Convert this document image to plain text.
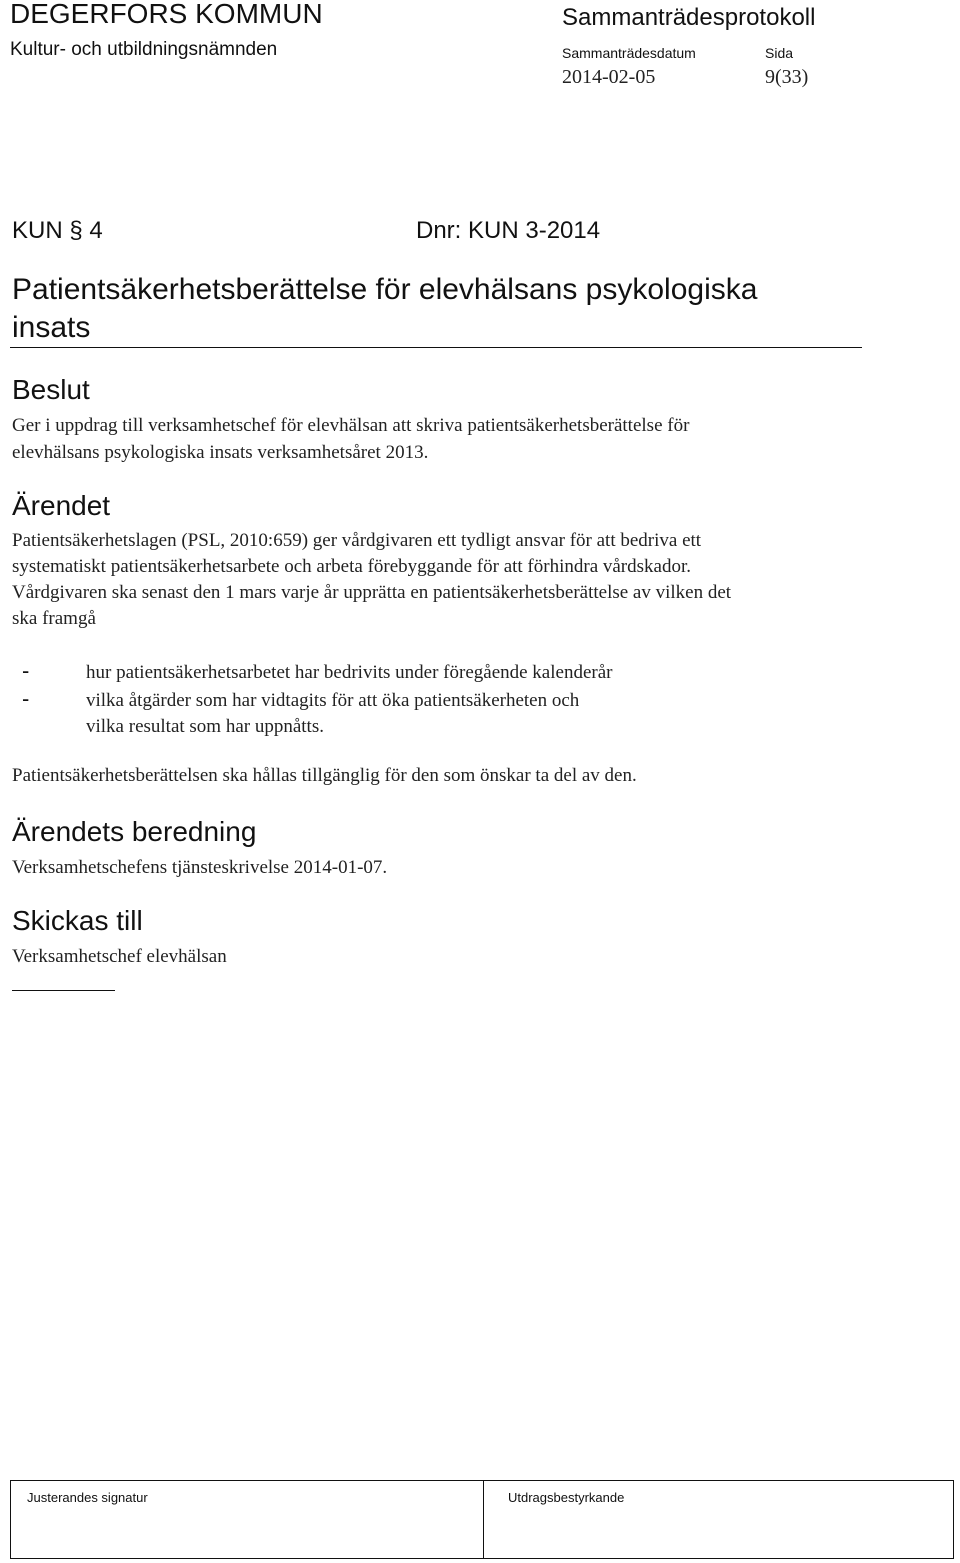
DEGERFORS KOMMUN
Kultur- och utbildningsnämnden
Sammanträdesprotokoll
Sammanträdesdatum	Sida
2014-02-05	9(33)
KUN § 4	Dnr: KUN 3-2014
Patientsäkerhetsberättelse för elevhälsans psykologiska
insats
Beslut
Ger i uppdrag till verksamhetschef för elevhälsan att skriva patientsäkerhetsberättelse för
elevhälsans psykologiska insats verksamhetsåret 2013.
Ärendet
Patientsäkerhetslagen (PSL, 2010:659) ger vårdgivaren ett tydligt ansvar för att bedriva ett
systematiskt patientsäkerhetsarbete och arbeta förebyggande för att förhindra vårdskador.
Vårdgivaren ska senast den 1 mars varje år upprätta en patientsäkerhetsberättelse av vilken det
ska framgå
-	hur patientsäkerhetsarbetet har bedrivits under föregående kalenderår
-	vilka åtgärder som har vidtagits för att öka patientsäkerheten och
vilka resultat som har uppnåtts.
Patientsäkerhetsberättelsen ska hållas tillgänglig för den som önskar ta del av den.
Ärendets beredning
Verksamhetschefens tjänsteskrivelse 2014-01-07.
Skickas till
Verksamhetschef elevhälsan
Justerandes signatur	Utdragsbestyrkande
